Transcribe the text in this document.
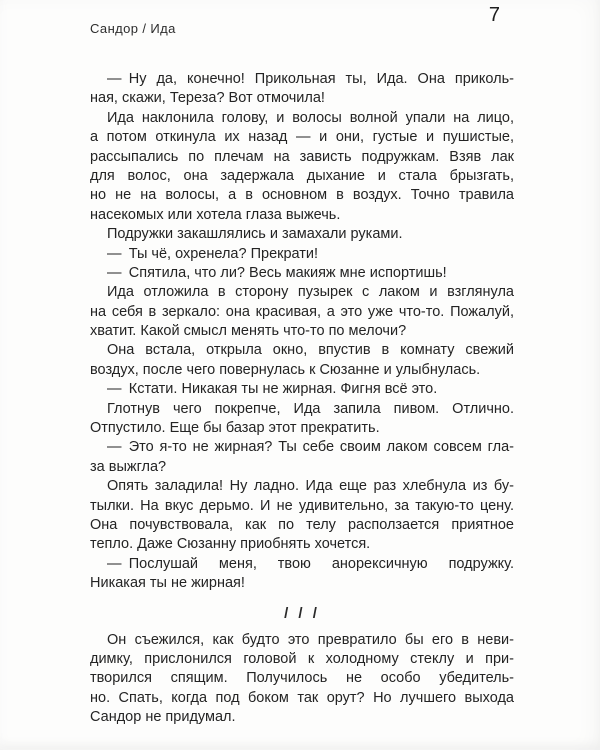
Сандор / Ида
7
— Ну да, конечно! Прикольная ты, Ида. Она приколь-
ная, скажи, Тереза? Вот отмочила!
Ида наклонила голову, и волосы волной упали на лицо,
а потом откинула их назад — и они, густые и пушистые,
рассыпались по плечам на зависть подружкам. Взяв лак
для волос, она задержала дыхание и стала брызгать,
но не на волосы, а в основном в воздух. Точно травила
насекомых или хотела глаза выжечь.
Подружки закашлялись и замахали руками.
— Ты чё, охренела? Прекрати!
— Спятила, что ли? Весь макияж мне испортишь!
Ида отложила в сторону пузырек с лаком и взглянула
на себя в зеркало: она красивая, а это уже что-то. Пожалуй,
хватит. Какой смысл менять что-то по мелочи?
Она встала, открыла окно, впустив в комнату свежий
воздух, после чего повернулась к Сюзанне и улыбнулась.
— Кстати. Никакая ты не жирная. Фигня всё это.
Глотнув чего покрепче, Ида запила пивом. Отлично.
Отпустило. Еще бы базар этот прекратить.
— Это я-то не жирная? Ты себе своим лаком совсем гла-
за выжгла?
Опять заладила! Ну ладно. Ида еще раз хлебнула из бу-
тылки. На вкус дерьмо. И не удивительно, за такую-то цену.
Она почувствовала, как по телу расползается приятное
тепло. Даже Сюзанну приобнять хочется.
— Послушай меня, твою анорексичную подружку.
Никакая ты не жирная!
/ / /
Он съежился, как будто это превратило бы его в неви-
димку, прислонился головой к холодному стеклу и при-
творился спящим. Получилось не особо убедитель-
но. Спать, когда под боком так орут? Но лучшего выхода
Сандор не придумал.
